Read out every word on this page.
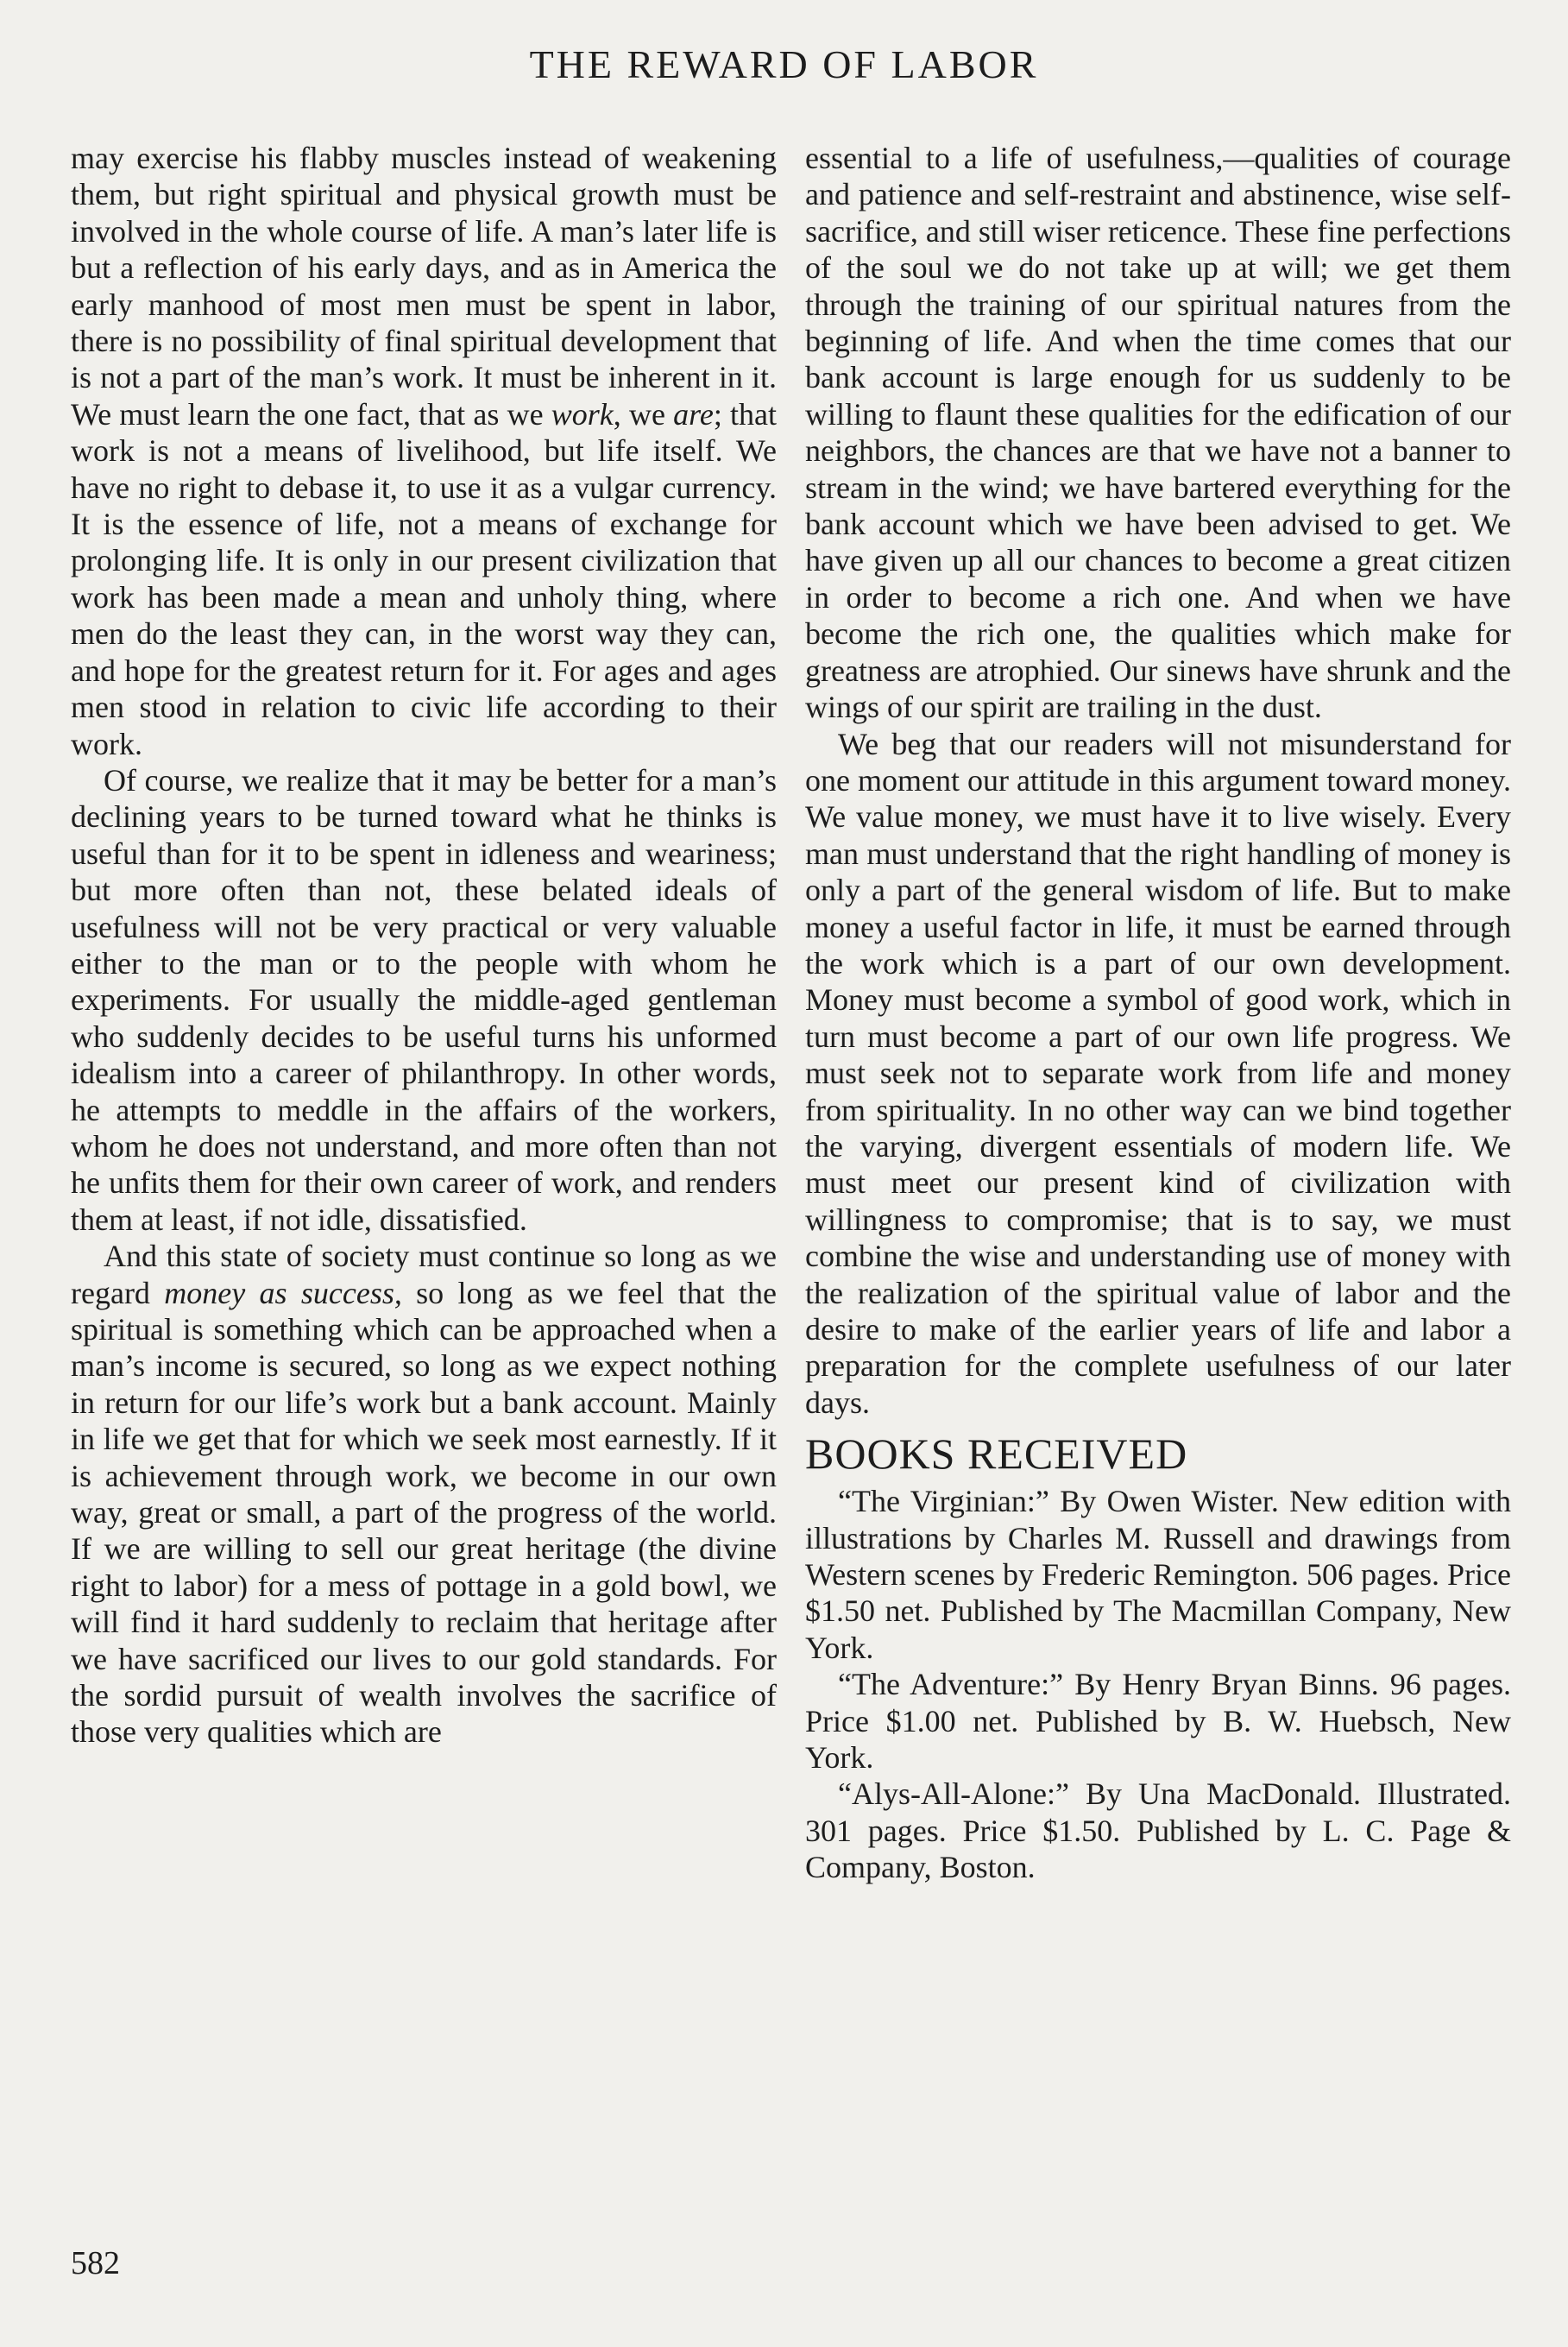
THE REWARD OF LABOR

may exercise his flabby muscles instead of weakening them, but right spiritual and physical growth must be involved in the whole course of life. A man’s later life is but a reflection of his early days, and as in America the early manhood of most men must be spent in labor, there is no possibility of final spiritual development that is not a part of the man’s work. It must be inherent in it. We must learn the one fact, that as we work, we are; that work is not a means of livelihood, but life itself. We have no right to debase it, to use it as a vulgar currency. It is the essence of life, not a means of exchange for prolonging life. It is only in our present civilization that work has been made a mean and unholy thing, where men do the least they can, in the worst way they can, and hope for the greatest return for it. For ages and ages men stood in relation to civic life according to their work.

Of course, we realize that it may be better for a man’s declining years to be turned toward what he thinks is useful than for it to be spent in idleness and weariness; but more often than not, these belated ideals of usefulness will not be very practical or very valuable either to the man or to the people with whom he experiments. For usually the middle-aged gentleman who suddenly decides to be useful turns his unformed idealism into a career of philanthropy. In other words, he attempts to meddle in the affairs of the workers, whom he does not understand, and more often than not he unfits them for their own career of work, and renders them at least, if not idle, dissatisfied.

And this state of society must continue so long as we regard money as success, so long as we feel that the spiritual is something which can be approached when a man’s income is secured, so long as we expect nothing in return for our life’s work but a bank account. Mainly in life we get that for which we seek most earnestly. If it is achievement through work, we become in our own way, great or small, a part of the progress of the world. If we are willing to sell our great heritage (the divine right to labor) for a mess of pottage in a gold bowl, we will find it hard suddenly to reclaim that heritage after we have sacrificed our lives to our gold standards. For the sordid pursuit of wealth involves the sacrifice of those very qualities which are

essential to a life of usefulness,—qualities of courage and patience and self-restraint and abstinence, wise self-sacrifice, and still wiser reticence. These fine perfections of the soul we do not take up at will; we get them through the training of our spiritual natures from the beginning of life. And when the time comes that our bank account is large enough for us suddenly to be willing to flaunt these qualities for the edification of our neighbors, the chances are that we have not a banner to stream in the wind; we have bartered everything for the bank account which we have been advised to get. We have given up all our chances to become a great citizen in order to become a rich one. And when we have become the rich one, the qualities which make for greatness are atrophied. Our sinews have shrunk and the wings of our spirit are trailing in the dust.

We beg that our readers will not misunderstand for one moment our attitude in this argument toward money. We value money, we must have it to live wisely. Every man must understand that the right handling of money is only a part of the general wisdom of life. But to make money a useful factor in life, it must be earned through the work which is a part of our own development. Money must become a symbol of good work, which in turn must become a part of our own life progress. We must seek not to separate work from life and money from spirituality. In no other way can we bind together the varying, divergent essentials of modern life. We must meet our present kind of civilization with willingness to compromise; that is to say, we must combine the wise and understanding use of money with the realization of the spiritual value of labor and the desire to make of the earlier years of life and labor a preparation for the complete usefulness of our later days.

BOOKS RECEIVED

“The Virginian:” By Owen Wister. New edition with illustrations by Charles M. Russell and drawings from Western scenes by Frederic Remington. 506 pages. Price $1.50 net. Published by The Macmillan Company, New York.

“The Adventure:” By Henry Bryan Binns. 96 pages. Price $1.00 net. Published by B. W. Huebsch, New York.

“Alys-All-Alone:” By Una MacDonald. Illustrated. 301 pages. Price $1.50. Published by L. C. Page & Company, Boston.

582
